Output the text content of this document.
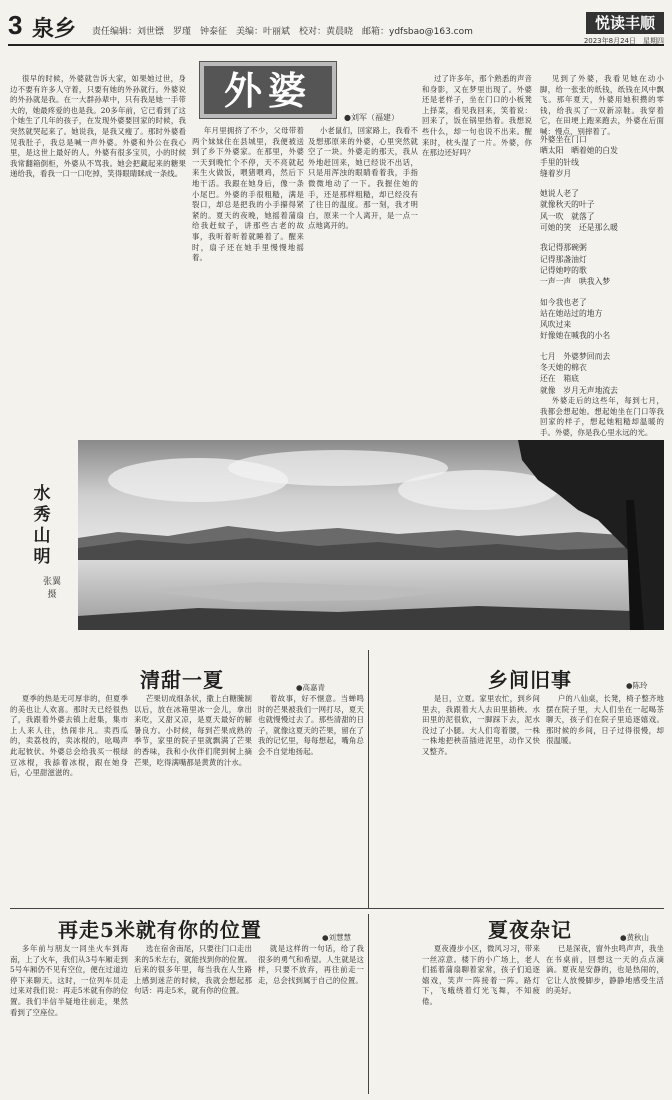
3 泉乡 责任编辑：刘世镖　罗瑾　钟泰征　美编：叶丽斌　校对：黄晨晓　邮箱：ydfsbao@163.com	悦读丰顺
2023年8月24日　星期四

很早的时候，外婆就告诉大家，如果她过世，身边不要有许多人守着，只要有她的外孙就行。外婆说的外孙就是我。在一大群孙辈中，只有我是她一手带大的，她最疼爱的也是我。20多年前，它已看到了这个她生了几年的孩子，在发现外婆要回家的时候，我突然就哭起来了。她说我，是我又瘦了。那时外婆看见我肚子，我总是喊一声外婆。外婆和外公在我心里，是这世上最好的人。外婆有很多宝贝，小的时候我常翻箱倒柜，外婆从不骂我。她会把藏起来的糖果递给我，看我一口一口吃掉，笑得眼睛眯成一条线。

外婆
●刘军（福建）

年月里拥挤了不少，父母带着两个妹妹住在县城里，我便被送到了乡下外婆家。在那里，外婆一天到晚忙个不停，天不亮就起来生火做饭，喂猪喂鸡，然后下地干活。我跟在她身后，像一条小尾巴。外婆的手很粗糙，满是裂口，却总是把我的小手攥得紧紧的。夏天的夜晚，她摇着蒲扇给我赶蚊子，讲那些古老的故事，我听着听着就睡着了。醒来时，扇子还在她手里慢慢地摇着。

小老鼠们，回家路上，我看不及想那原来的外婆，心里突然就空了一块。外婆走的那天，我从外地赶回来，她已经说不出话，只是用浑浊的眼睛看着我，手指微微地动了一下。我握住她的手，还是那样粗糙，却已经没有了往日的温度。那一刻，我才明白，原来一个人离开，是一点一点地离开的。

过了许多年，那个熟悉的声音和身影，又在梦里出现了。外婆还是老样子，坐在门口的小板凳上择菜，看见我回来，笑着说：回来了，饭在锅里热着。我想说些什么，却一句也说不出来。醒来时，枕头湿了一片。外婆，你在那边还好吗？

见到了外婆，我看见她在动小脚，给一张张的纸钱，纸钱在风中飘飞。那年夏天，外婆用她积攒的零钱，给我买了一双新凉鞋。我穿着它，在田埂上跑来跑去，外婆在后面喊：慢点，别摔着了。

外婆坐在门口
晒太阳　晒着她的白发
手里的针线
缝着岁月
她说人老了
就像秋天的叶子
风一吹　就落了
可她的笑　还是那么暖
我记得那碗粥
记得那盏油灯
记得她哼的歌
一声一声　哄我入梦
如今我也老了
站在她站过的地方
风吹过来
好像她在喊我的小名
七月　外婆梦回而去
冬天她的棉衣
还在　箱底
就像　岁月无声地流去

外婆走后的这些年，每到七月，我都会想起她。想起她坐在门口等我回家的样子，想起她粗糙却温暖的手。外婆，你是我心里永远的光。

水秀山明
张翼　摄
清甜一夏	●高嘉青

夏季的热是无可厚非的，但夏季的美也让人欢喜。那时天已经很热了，我跟着外婆去镇上赶集，集市上人来人往，热闹非凡。卖西瓜的，卖荔枝的，卖冰棍的，吆喝声此起彼伏。外婆总会给我买一根绿豆冰棍，我舔着冰棍，跟在她身后，心里甜滋滋的。

芒果切成细条状，撒上白糖腌制以后，放在冰箱里冰一会儿，拿出来吃，又甜又凉，是夏天最好的解暑良方。小时候，每到芒果成熟的季节，家里的院子里就飘满了芒果的香味，我和小伙伴们爬到树上摘芒果，吃得满嘴都是黄黄的汁水。

着故事，好不惬意。当蝉鸣时的芒果被我们一网打尽，夏天也就慢慢过去了。那些清甜的日子，就像这夏天的芒果，留在了我的记忆里，每每想起，嘴角总会不自觉地扬起。

乡间旧事	●陈玲

是日，立夏。家里农忙，到乡间里去，我跟着大人去田里插秧。水田里的泥很软，一脚踩下去，泥水没过了小腿。大人们弯着腰，一株一株地把秧苗插进泥里，动作又快又整齐。

户的八仙桌，长凳，椅子整齐地摆在院子里，大人们坐在一起喝茶聊天，孩子们在院子里追逐嬉戏。那时候的乡间，日子过得很慢，却很温暖。

再走5米就有你的位置	●刘慧慧

多年前与朋友一同坐火车到海南，上了火车，我们从3号车厢走到5号车厢仍不见有空位，便在过道边停下来聊天。这时，一位列车员走过来对我们说：再走5米就有你的位置。我们半信半疑地往前走，果然看到了空座位。

选在宿舍南尾，只要往门口走出来的5米左右，就能找到你的位置。后来的很多年里，每当我在人生路上感到迷茫的时候，我就会想起那句话：再走5米，就有你的位置。

就是这样的一句话，给了我很多的勇气和希望。人生就是这样，只要不放弃，再往前走一走，总会找到属于自己的位置。

夏夜杂记	●黄秋山

夏夜漫步小区，微风习习，带来一丝凉意。楼下的小广场上，老人们摇着蒲扇聊着家常，孩子们追逐嬉戏，笑声一阵接着一阵。路灯下，飞蛾绕着灯光飞舞，不知疲倦。

已是深夜，窗外虫鸣声声，我坐在书桌前，回想这一天的点点滴滴。夏夜是安静的，也是热闹的，它让人放慢脚步，静静地感受生活的美好。
